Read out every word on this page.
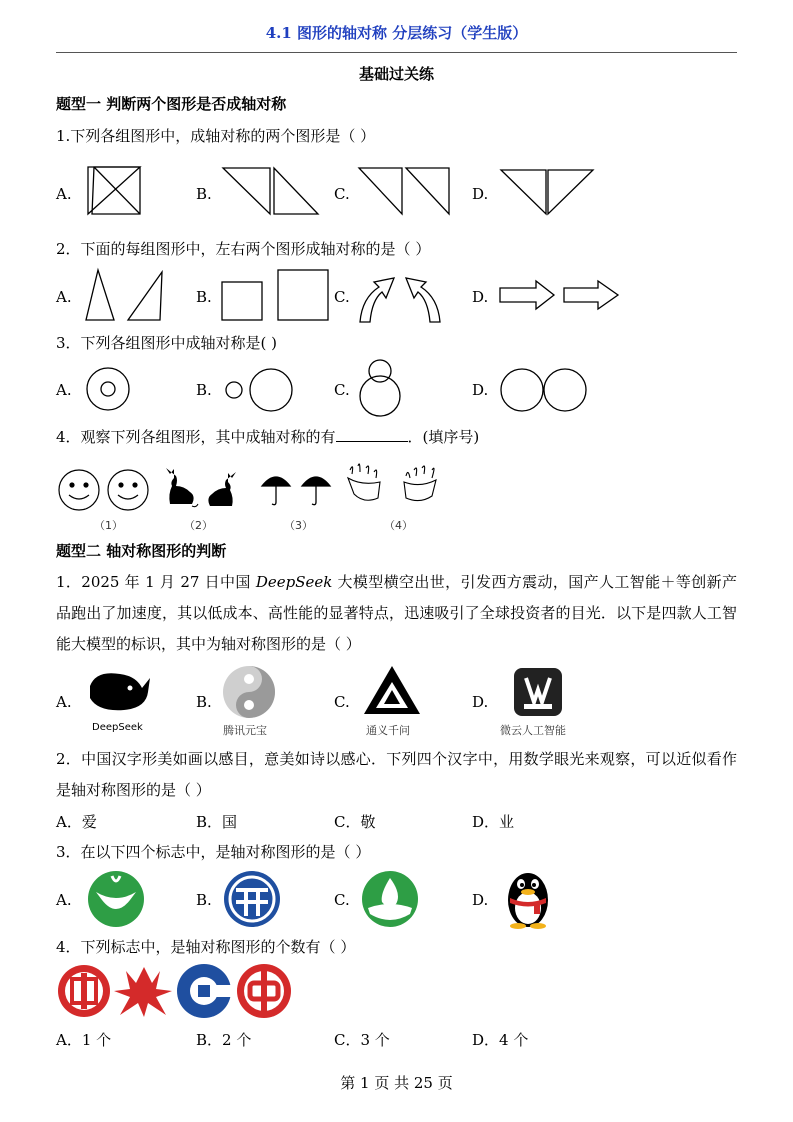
4.1 图形的轴对称 分层练习（学生版）
基础过关练
题型一 判断两个图形是否成轴对称
1.下列各组图形中，成轴对称的两个图形是（ ）
A.	B.	C.	D.
2．下面的每组图形中，左右两个图形成轴对称的是（ ）
A.	B.	C.	D.
3．下列各组图形中成轴对称是( )
A.	B.	C.	D.
4．观察下列各组图形，其中成轴对称的有	．(填序号)
（1）	（2）	（3）	（4）
题型二 轴对称图形的判断
1．2025 年 1 月 27 日中国 DeepSeek 大模型横空出世，引发西方震动，国产人工智能＋等创新产品跑出了加速度，其以低成本、高性能的显著特点，迅速吸引了全球投资者的目光．以下是四款人工智能大模型的标识，其中为轴对称图形的是（ ）
A.	B.	C.	D.
DeepSeek	腾讯元宝	通义千问	微云人工智能
2．中国汉字形美如画以感目，意美如诗以感心．下列四个汉字中，用数学眼光来观察，可以近似看作是轴对称图形的是（ ）
A．爱	B．国	C．敬	D．业
3．在以下四个标志中，是轴对称图形的是（ ）
A.	B.	C.	D.
4．下列标志中，是轴对称图形的个数有（ ）
A．1 个	B．2 个	C．3 个	D．4 个
第 1 页 共 25 页
